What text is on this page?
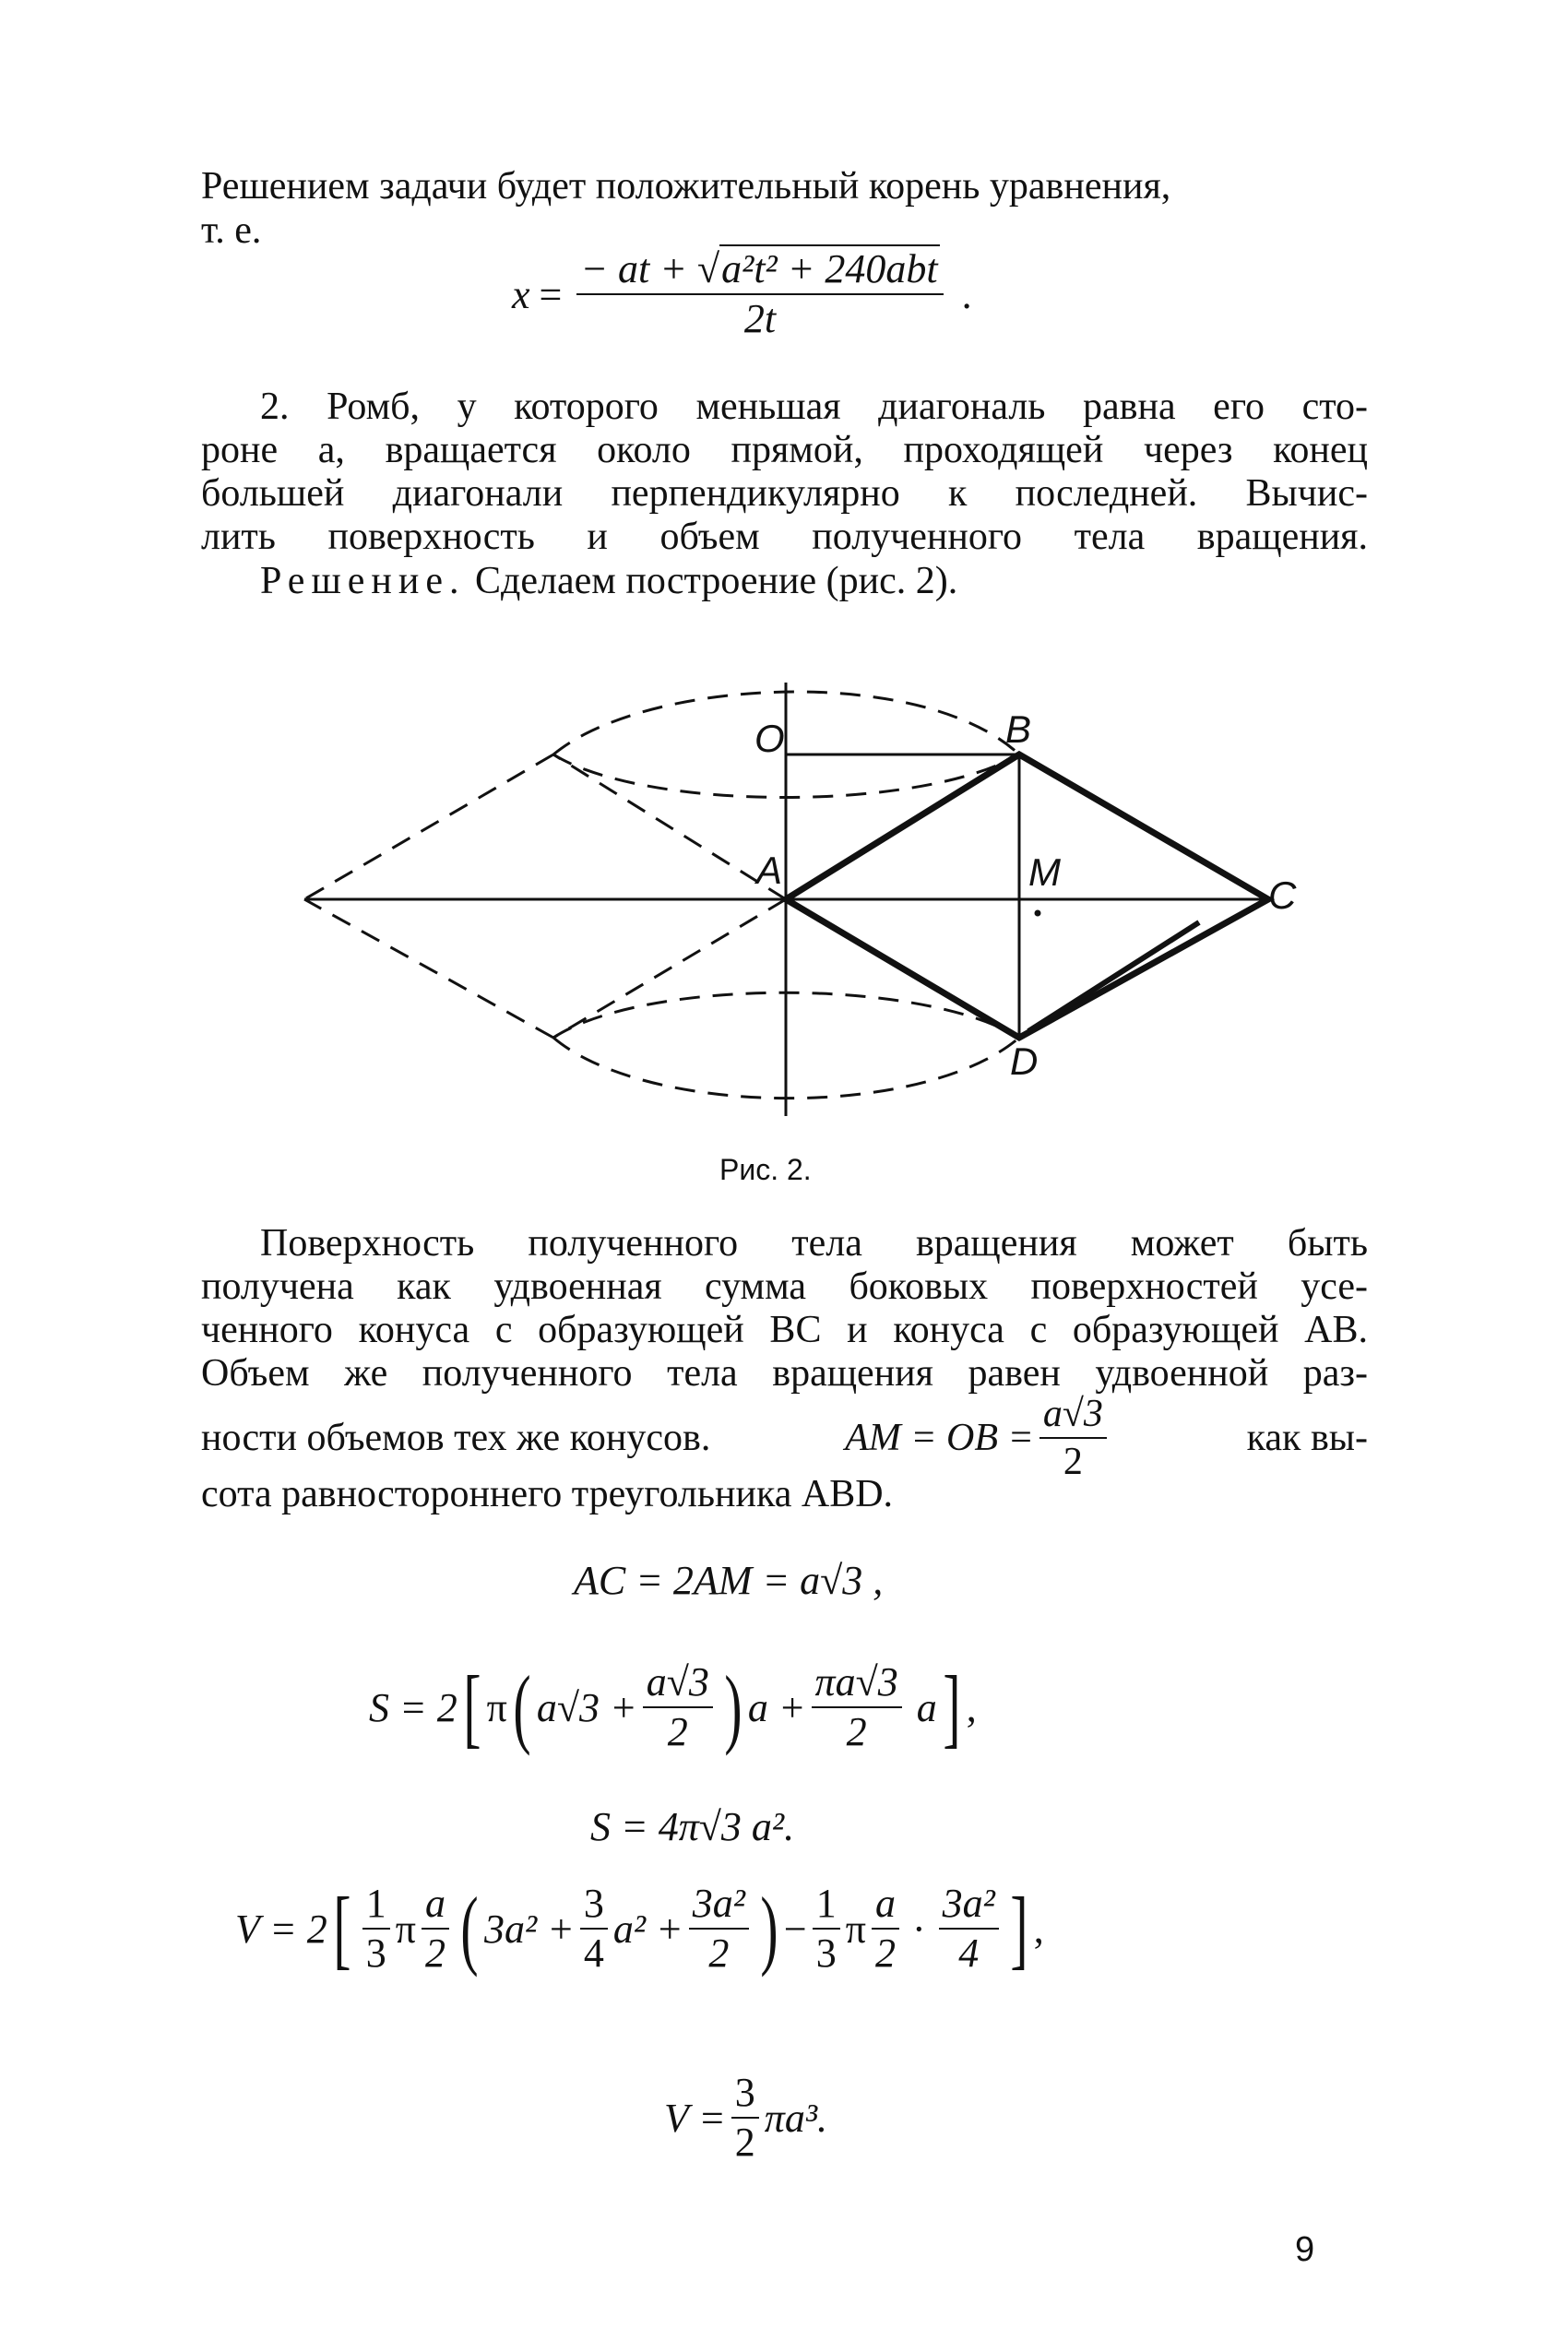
Решением задачи будет положительный корень уравнения,
т. е.
$x = \frac{\text{− at + √a²t² + 240abt}}{2t}$ .
2. Ромб, у которого меньшая диагональ равна его сто-
роне a, вращается около прямой, проходящей через конец
большей диагонали перпендикулярно к последней. Вычис-
лить поверхность и объем полученного тела вращения.
Решение. Сделаем построение (рис. 2).
O	B
A	M
C
D
Рис. 2.
Поверхность полученного тела вращения может быть
получена как удвоенная сумма боковых поверхностей усе-
ченного конуса с образующей BC и конуса с образующей AB.
Объем же полученного тела вращения равен удвоенной раз-
ности объемов тех же конусов.	AM = OB = $\frac{a√3}{2}$	как вы-
сота равностороннего треугольника ABD.
AC = 2AM = a√3 ,
S = 2 [ π ( $a√3 + \frac{a√3}{2}$ ) $a + \frac{\pi a√3}{2}$ a ] ,
S = 4π√3 a².
V = 2 [ $\frac{1}{3}$ π $\frac{a}{2}$ ( $3a^2 + \frac{3}{4} a^2 + \frac{\text{3a²}}{2}$ ) − $\frac{1}{3}$ π $\frac{a}{2} \cdot \frac{\text{3a²}}{4}$ ] ,
$V = \frac{3}{2} \pi a^3$.
9
